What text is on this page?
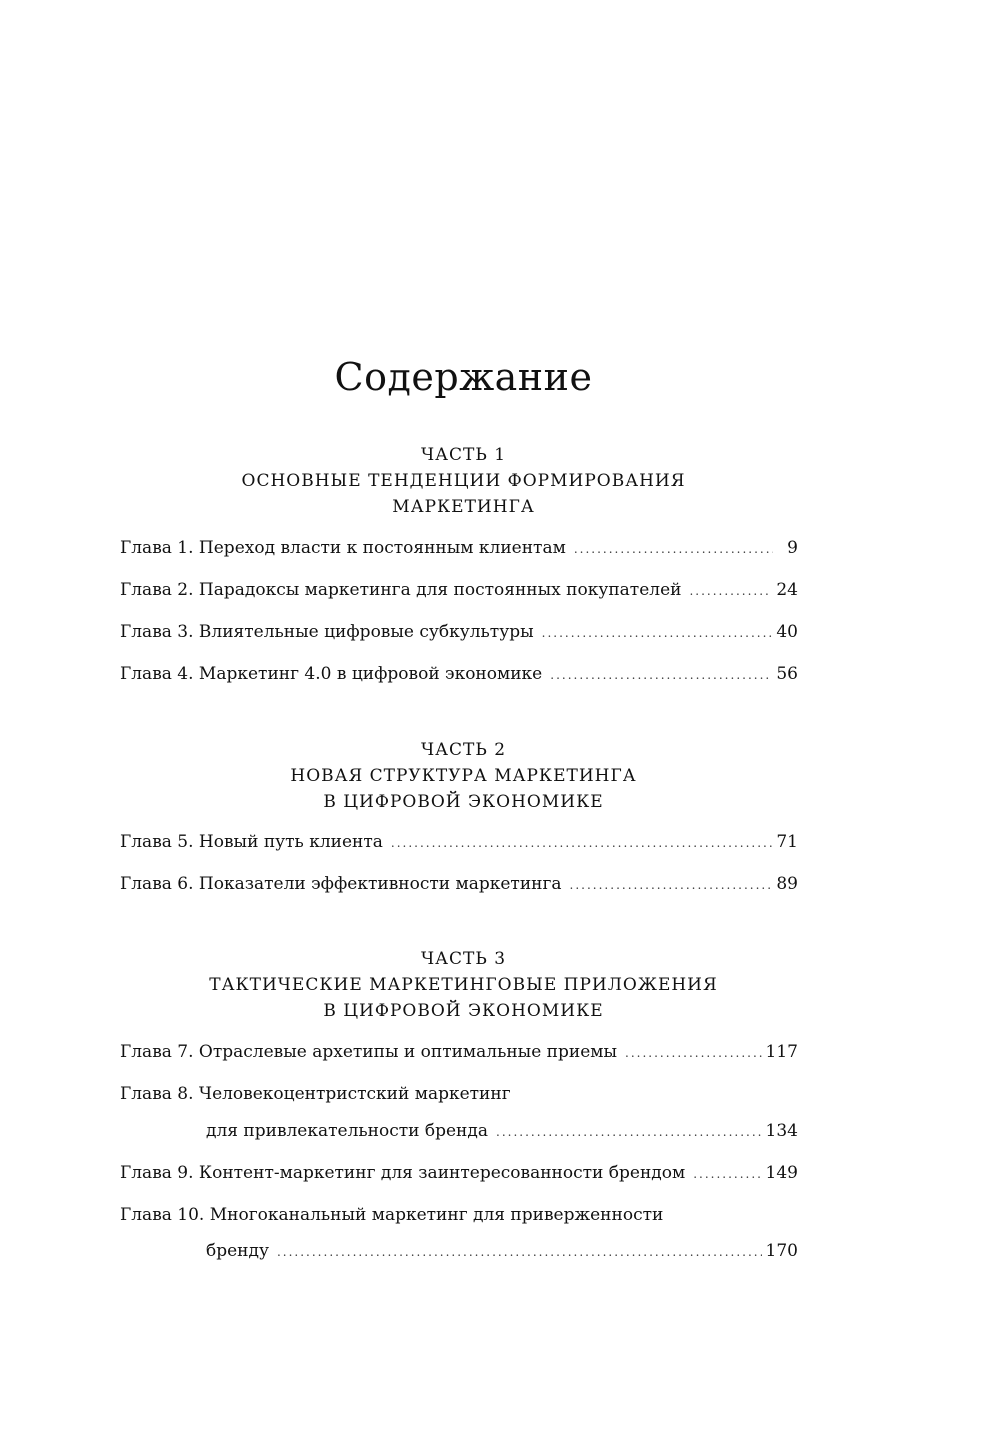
Содержание
ЧАСТЬ 1
ОСНОВНЫЕ ТЕНДЕНЦИИ ФОРМИРОВАНИЯ
МАРКЕТИНГА
Глава 1. Переход власти к постоянным клиентам .....	9
Глава 2. Парадоксы маркетинга для постоянных покупателей .....	24
Глава 3. Влиятельные цифровые субкультуры .....	40
Глава 4. Маркетинг 4.0 в цифровой экономике .....	56
ЧАСТЬ 2
НОВАЯ СТРУКТУРА МАРКЕТИНГА
В ЦИФРОВОЙ ЭКОНОМИКЕ
Глава 5. Новый путь клиента .....	71
Глава 6. Показатели эффективности маркетинга .....	89
ЧАСТЬ 3
ТАКТИЧЕСКИЕ МАРКЕТИНГОВЫЕ ПРИЛОЖЕНИЯ
В ЦИФРОВОЙ ЭКОНОМИКЕ
Глава 7. Отраслевые архетипы и оптимальные приемы .....	117
Глава 8. Человекоцентристский маркетинг
для привлекательности бренда .....	134
Глава 9. Контент-маркетинг для заинтересованности брендом .....	149
Глава 10. Многоканальный маркетинг для приверженности
бренду .....	170
